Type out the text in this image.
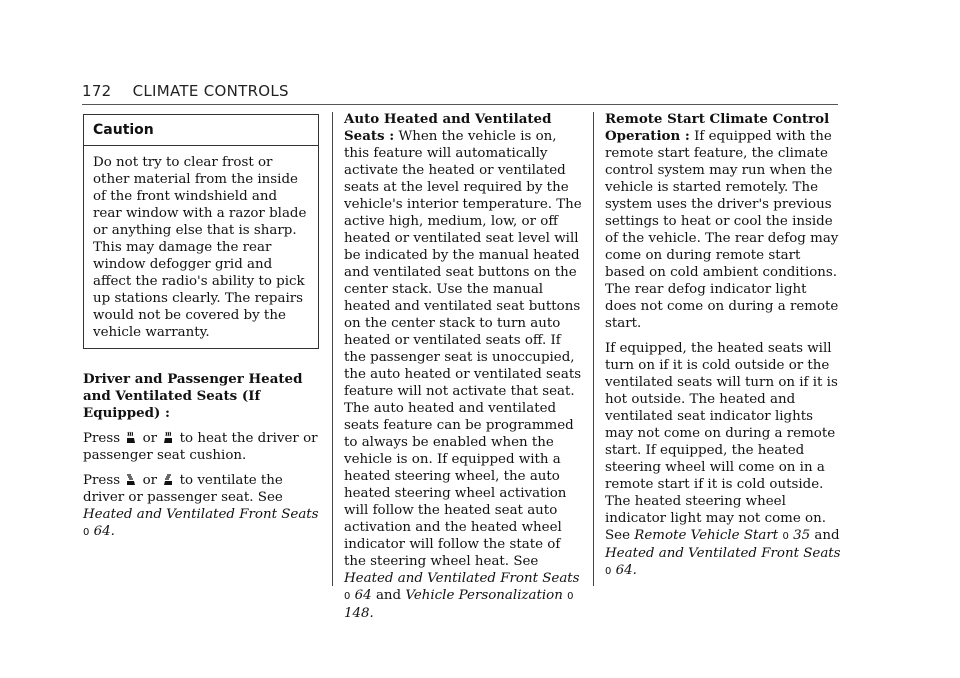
172 CLIMATE CONTROLS
Caution
Do not try to clear frost or other material from the inside of the front windshield and rear window with a razor blade or anything else that is sharp. This may damage the rear window defogger grid and affect the radio's ability to pick up stations clearly. The repairs would not be covered by the vehicle warranty.

Driver and Passenger Heated and Ventilated Seats (If Equipped) :

Press or to heat the driver or passenger seat cushion.

Press or to ventilate the driver or passenger seat. See Heated and Ventilated Front Seats 0 64.

Auto Heated and Ventilated Seats : When the vehicle is on, this feature will automatically activate the heated or ventilated seats at the level required by the vehicle's interior temperature. The active high, medium, low, or off heated or ventilated seat level will be indicated by the manual heated and ventilated seat buttons on the center stack. Use the manual heated and ventilated seat buttons on the center stack to turn auto heated or ventilated seats off. If the passenger seat is unoccupied, the auto heated or ventilated seats feature will not activate that seat. The auto heated and ventilated seats feature can be programmed to always be enabled when the vehicle is on. If equipped with a heated steering wheel, the auto heated steering wheel activation will follow the heated seat auto activation and the heated wheel indicator will follow the state of the steering wheel heat. See Heated and Ventilated Front Seats 0 64 and Vehicle Personalization 0 148.

Remote Start Climate Control Operation : If equipped with the remote start feature, the climate control system may run when the vehicle is started remotely. The system uses the driver's previous settings to heat or cool the inside of the vehicle. The rear defog may come on during remote start based on cold ambient conditions. The rear defog indicator light does not come on during a remote start.

If equipped, the heated seats will turn on if it is cold outside or the ventilated seats will turn on if it is hot outside. The heated and ventilated seat indicator lights may not come on during a remote start. If equipped, the heated steering wheel will come on in a remote start if it is cold outside. The heated steering wheel indicator light may not come on. See Remote Vehicle Start 0 35 and Heated and Ventilated Front Seats 0 64.
